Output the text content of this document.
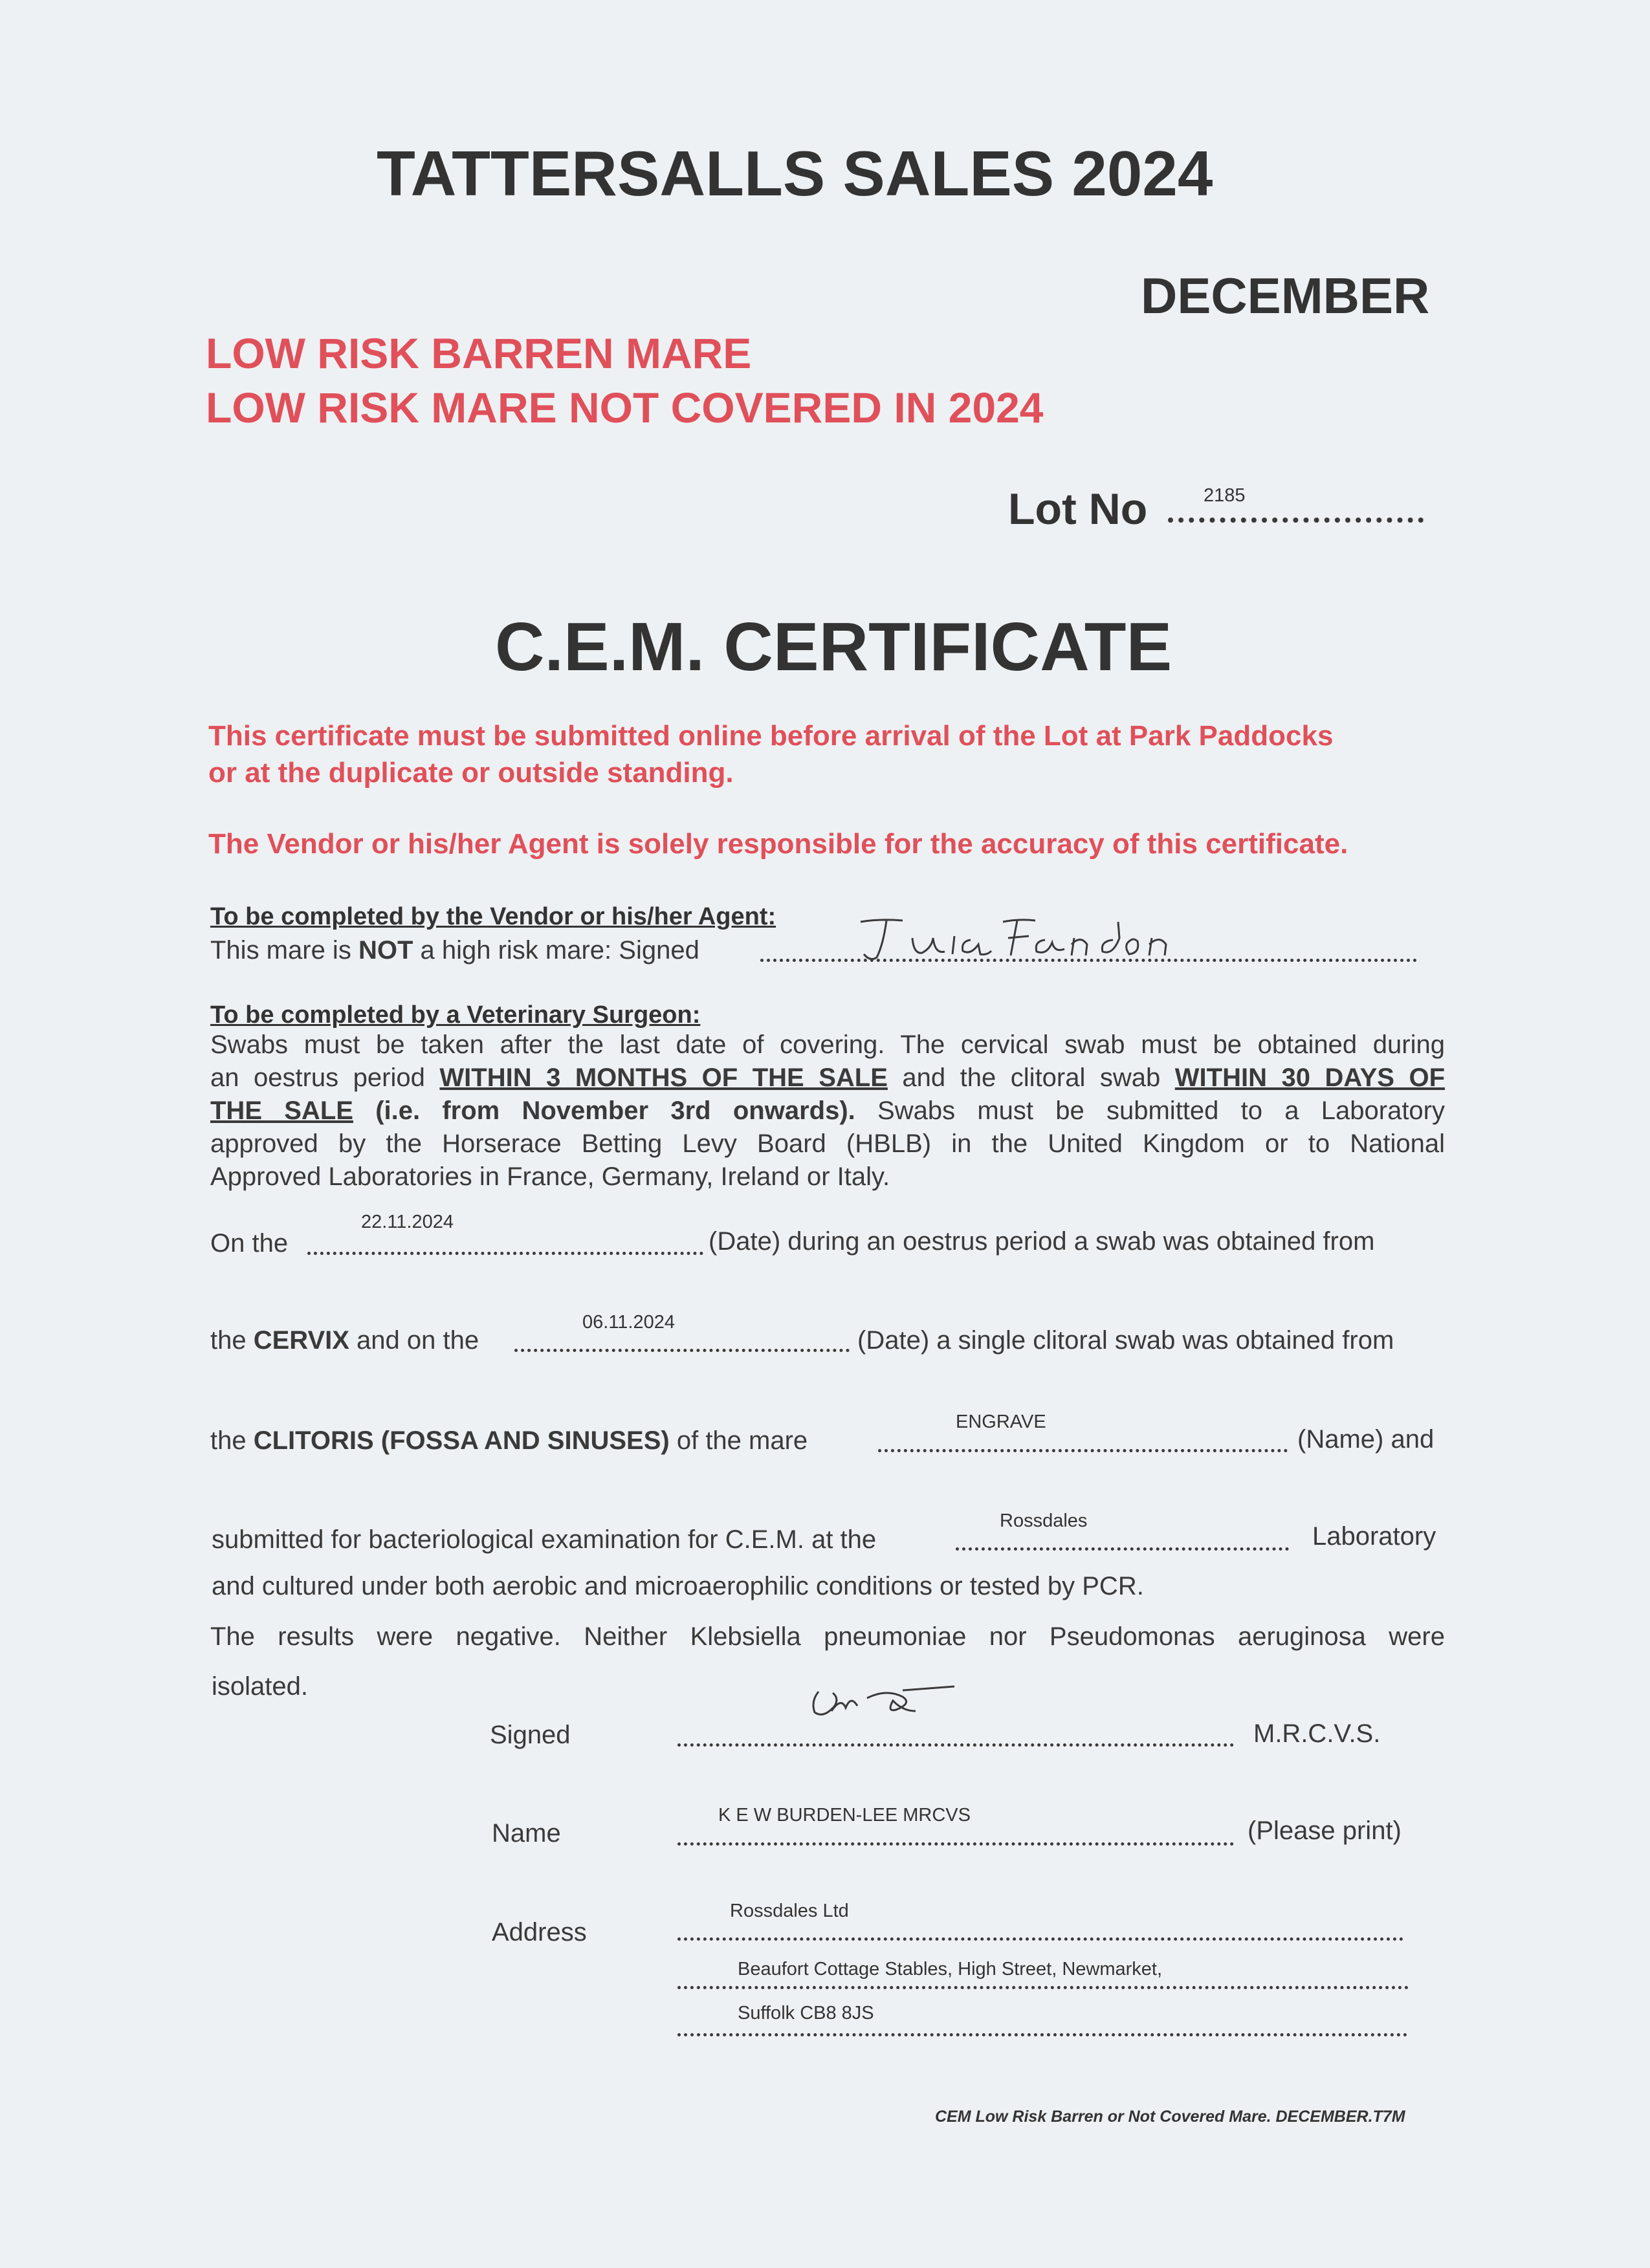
TATTERSALLS SALES 2024
DECEMBER
LOW RISK BARREN MARE
LOW RISK MARE NOT COVERED IN 2024
Lot No	2185
C.E.M. CERTIFICATE
This certificate must be submitted online before arrival of the Lot at Park Paddocks
or at the duplicate or outside standing.
The Vendor or his/her Agent is solely responsible for the accuracy of this certificate.
To be completed by the Vendor or his/her Agent:
This mare is NOT a high risk mare: Signed
To be completed by a Veterinary Surgeon:
Swabs must be taken after the last date of covering. The cervical swab must be obtained during
an oestrus period WITHIN 3 MONTHS OF THE SALE and the clitoral swab WITHIN 30 DAYS OF
THE SALE (i.e. from November 3rd onwards). Swabs must be submitted to a Laboratory
approved by the Horserace Betting Levy Board (HBLB) in the United Kingdom or to National
Approved Laboratories in France, Germany, Ireland or Italy.
On the
22.11.2024
(Date) during an oestrus period a swab was obtained from
the CERVIX and on the
06.11.2024
(Date) a single clitoral swab was obtained from
the CLITORIS (FOSSA AND SINUSES) of the mare
ENGRAVE
(Name) and
submitted for bacteriological examination for C.E.M. at the
Rossdales
Laboratory
and cultured under both aerobic and microaerophilic conditions or tested by PCR.
The results were negative. Neither Klebsiella pneumoniae nor Pseudomonas aeruginosa were
isolated.
Signed	M.R.C.V.S.
Name
K E W BURDEN-LEE MRCVS
(Please print)
Address
Rossdales Ltd
Beaufort Cottage Stables, High Street, Newmarket,
Suffolk CB8 8JS
CEM Low Risk Barren or Not Covered Mare. DECEMBER.T7M
